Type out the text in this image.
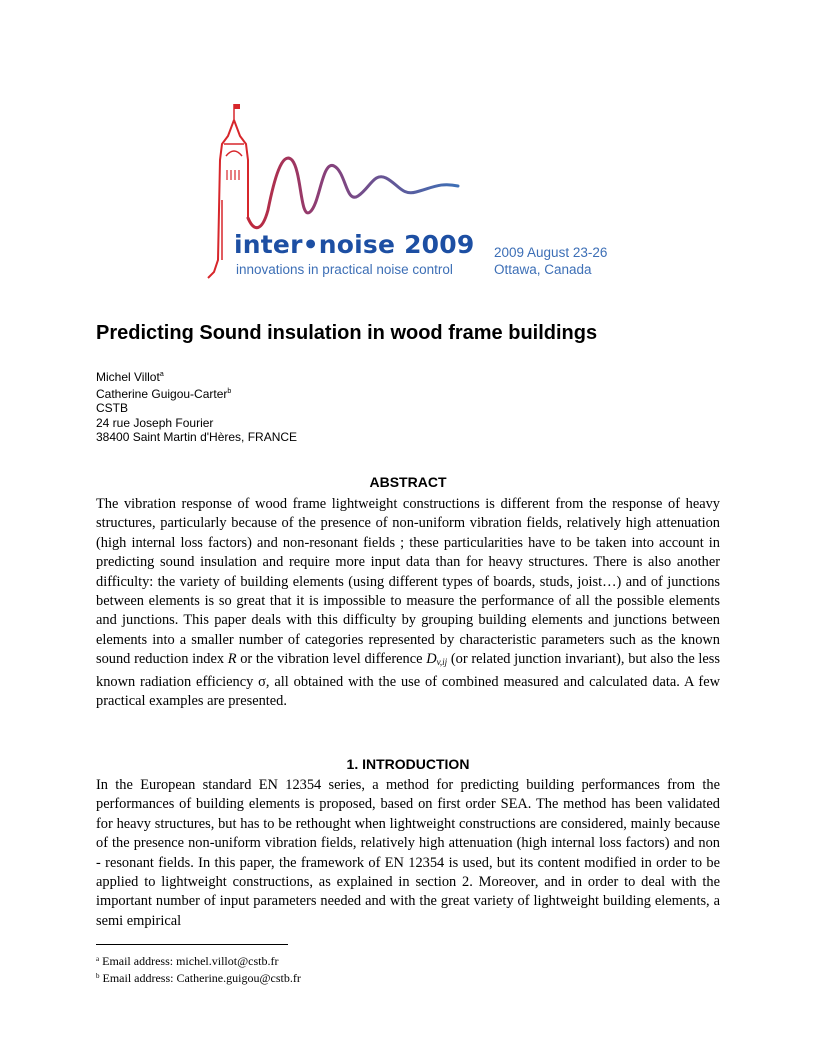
inter•noise 2009
innovations in practical noise control
2009 August 23-26
Ottawa, Canada
Predicting Sound insulation in wood frame buildings
Michel Villot$^a$
Catherine Guigou-Carter$^b$
CSTB
24 rue Joseph Fourier
38400 Saint Martin d'Hères, FRANCE
ABSTRACT

The vibration response of wood frame lightweight constructions is different from the response of heavy structures, particularly because of the presence of non-uniform vibration fields, relatively high attenuation (high internal loss factors) and non-resonant fields ; these particularities have to be taken into account in predicting sound insulation and require more input data than for heavy structures. There is also another difficulty: the variety of building elements (using different types of boards, studs, joist…) and of junctions between elements is so great that it is impossible to measure the performance of all the possible elements and junctions. This paper deals with this difficulty by grouping building elements and junctions between elements into a smaller number of categories represented by characteristic parameters such as the known sound reduction index R or the vibration level difference $D_{v,ij}$ (or related junction invariant), but also the less known radiation efficiency σ, all obtained with the use of combined measured and calculated data. A few practical examples are presented.

1. INTRODUCTION

In the European standard EN 12354 series, a method for predicting building performances from the performances of building elements is proposed, based on first order SEA. The method has been validated for heavy structures, but has to be rethought when lightweight constructions are considered, mainly because of the presence non-uniform vibration fields, relatively high attenuation (high internal loss factors) and non - resonant fields. In this paper, the framework of EN 12354 is used, but its content modified in order to be applied to lightweight constructions, as explained in section 2. Moreover, and in order to deal with the important number of input parameters needed and with the great variety of lightweight building elements, a semi empirical

$^a$ Email address: michel.villot@cstb.fr
$^b$ Email address: Catherine.guigou@cstb.fr
